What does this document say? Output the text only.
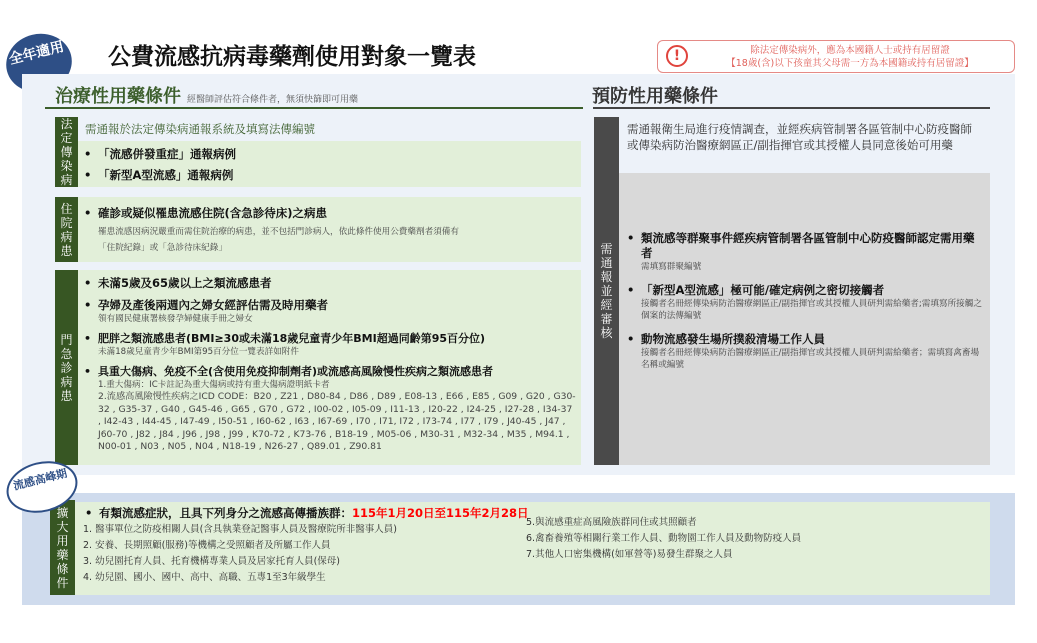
全年適用	公費流感抗病毒藥劑使用對象一覽表	!	除法定傳染病外，應為本國籍人士或持有居留證
【18歲(含)以下孩童其父母需一方為本國籍或持有居留證】
治療性用藥條件 經醫師評估符合條件者，無須快篩即可用藥	預防性用藥條件
法定傳染病
需通報於法定傳染病通報系統及填寫法傳編號
• 「流感併發重症」通報病例
• 「新型A型流感」通報病例
住院病患
• 確診或疑似罹患流感住院(含急診待床)之病患
罹患流感因病況嚴重而需住院治療的病患，並不包括門診病人，依此條件使用公費藥劑者須備有
「住院紀錄」或「急診待床紀錄」
門急診病患
• 未滿5歲及65歲以上之類流感患者
• 孕婦及產後兩週內之婦女經評估需及時用藥者
領有國民健康署核發孕婦健康手冊之婦女
• 肥胖之類流感患者(BMI≥30或未滿18歲兒童青少年BMI超過同齡第95百分位)
未滿18歲兒童青少年BMI第95百分位一覽表詳如附件
• 具重大傷病、免疫不全(含使用免疫抑制劑者)或流感高風險慢性疾病之類流感患者
1.重大傷病：IC卡註記為重大傷病或持有重大傷病證明紙卡者
2.流感高風險慢性疾病之ICD CODE：B20 , Z21 , D80-84 , D86 , D89 , E08-13 , E66 , E85 , G09 , G20 , G30-32 , G35-37 , G40 , G45-46 , G65 , G70 , G72 , I00-02 , I05-09 , I11-13 , I20-22 , I24-25 , I27-28 , I34-37 , I42-43 , I44-45 , I47-49 , I50-51 , I60-62 , I63 , I67-69 , I70 , I71, I72 , I73-74 , I77 , I79 , J40-45 , J47 , J60-70 , J82 , J84 , J96 , J98 , J99 , K70-72 , K73-76 , B18-19 , M05-06 , M30-31 , M32-34 , M35 , M94.1 , N00-01 , N03 , N05 , N04 , N18-19 , N26-27 , Q89.01 , Z90.81
需通報並經審核
需通報衛生局進行疫情調查，並經疾病管制署各區管制中心防疫醫師或傳染病防治醫療網區正/副指揮官或其授權人員同意後始可用藥
• 類流感等群聚事件經疾病管制署各區管制中心防疫醫師認定需用藥者
需填寫群聚編號
• 「新型A型流感」極可能/確定病例之密切接觸者
接觸者名冊經傳染病防治醫療網區正/副指揮官或其授權人員研判需給藥者;需填寫所接觸之個案的法傳編號
• 動物流感發生場所撲殺清場工作人員
接觸者名冊經傳染病防治醫療網區正/副指揮官或其授權人員研判需給藥者；需填寫禽畜場名稱或編號
擴大用藥條件
• 有類流感症狀，且具下列身分之流感高傳播族群：115年1月20日至115年2月28日
1. 醫事單位之防疫相關人員(含具執業登記醫事人員及醫療院所非醫事人員)
2. 安養、長期照顧(服務)等機構之受照顧者及所屬工作人員
3. 幼兒園托育人員、托育機構專業人員及居家托育人員(保母)
4. 幼兒園、國小、國中、高中、高職、五專1至3年級學生
5.與流感重症高風險族群同住或其照顧者
6.禽畜養殖等相關行業工作人員、動物園工作人員及動物防疫人員
7.其他人口密集機構(如軍營等)易發生群聚之人員
流感高峰期
